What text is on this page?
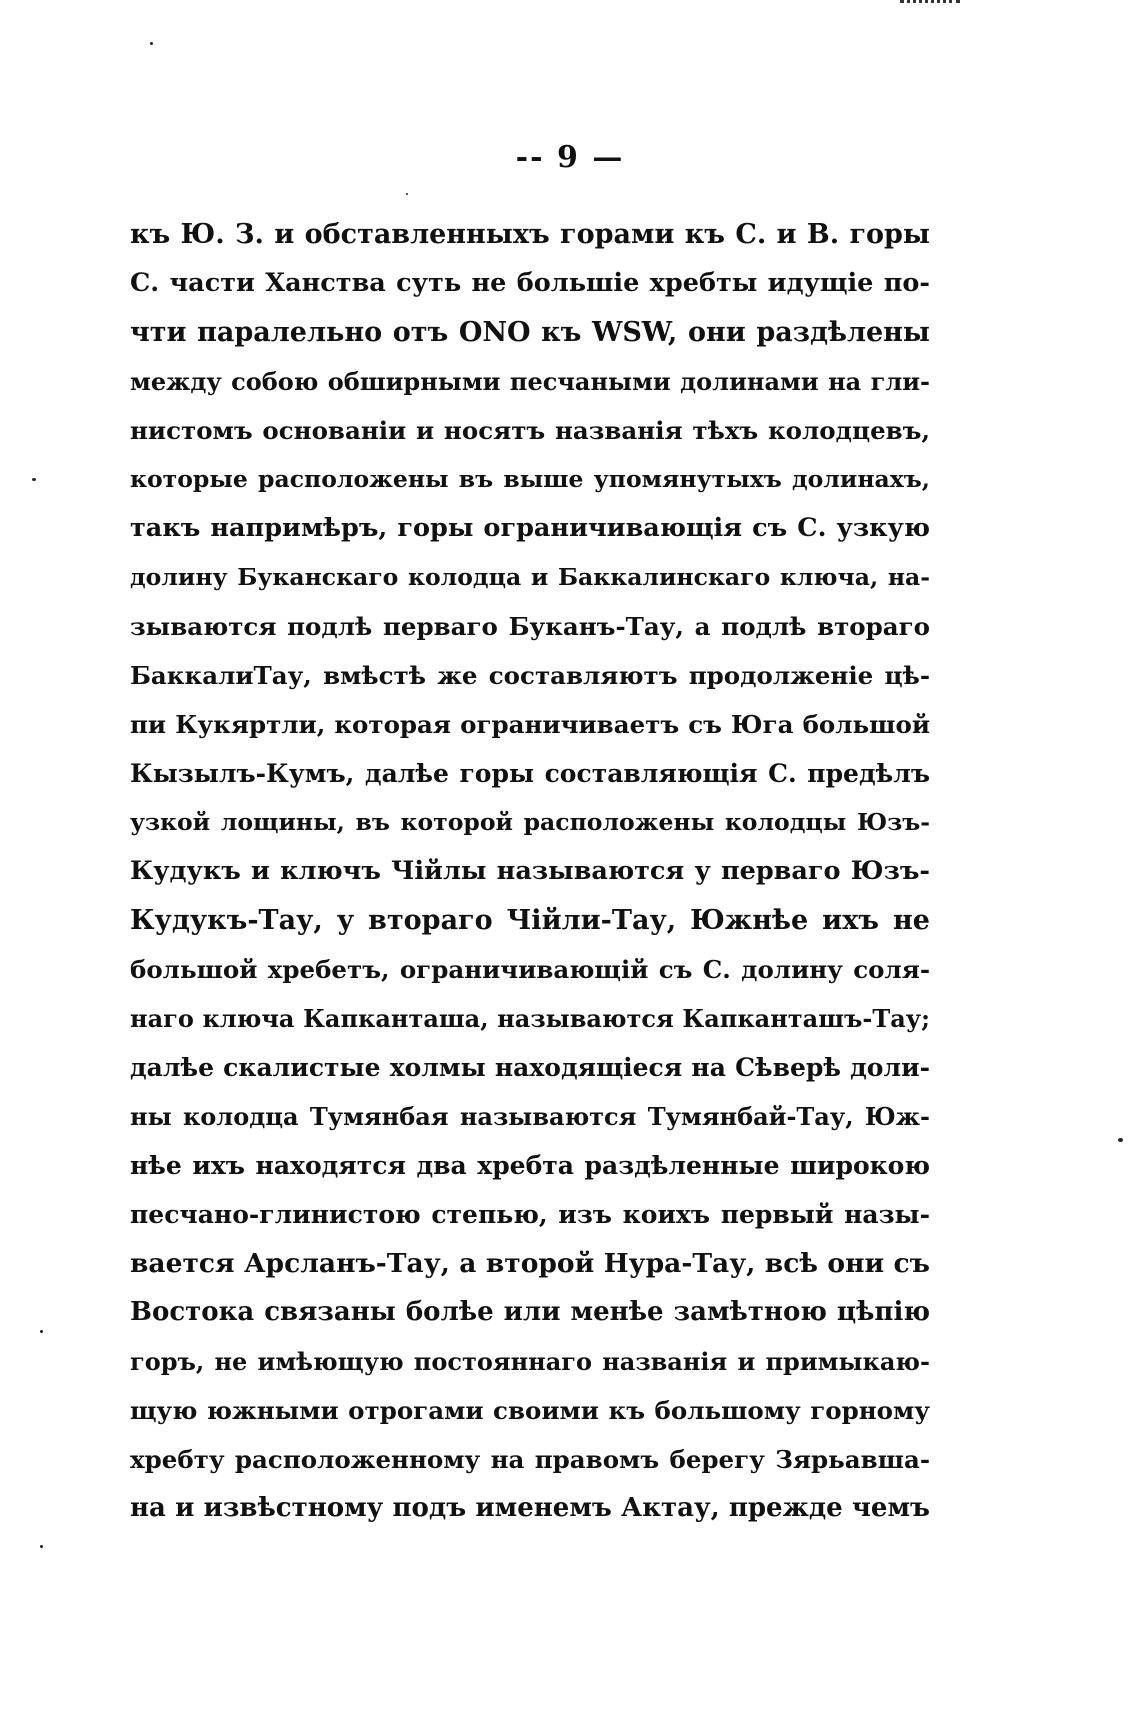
-- 9 —
къ Ю. З. и обставленныхъ горами къ С. и В. горы
С. части Ханства суть не большіе хребты идущіе по-
чти паралельно отъ ONO къ WSW, они раздѣлены
между собою обширными песчаными долинами на гли-
нистомъ основаніи и носятъ названія тѣхъ колодцевъ,
которые расположены въ выше упомянутыхъ долинахъ,
такъ напримѣръ, горы ограничивающія съ С. узкую
долину Буканскаго колодца и Баккалинскаго ключа, на-
зываются подлѣ перваго Буканъ-Тау, а подлѣ втораго
БаккалиТау, вмѣстѣ же составляютъ продолженіе цѣ-
пи Кукяртли, которая ограничиваетъ съ Юга большой
Кызылъ-Кумъ, далѣе горы составляющія С. предѣлъ
узкой лощины, въ которой расположены колодцы Юзъ-
Кудукъ и ключъ Чійлы называются у перваго Юзъ-
Кудукъ-Тау, у втораго Чійли-Тау, Южнѣе ихъ не
большой хребетъ, ограничивающій съ С. долину соля-
наго ключа Капканташа, называются Капканташъ-Тау;
далѣе скалистые холмы находящіеся на Сѣверѣ доли-
ны колодца Тумянбая называются Тумянбай-Тау, Юж-
нѣе ихъ находятся два хребта раздѣленные широкою
песчано-глинистою степью, изъ коихъ первый назы-
вается Арсланъ-Тау, а второй Нура-Тау, всѣ они съ
Востока связаны болѣе или менѣе замѣтною цѣпію
горъ, не имѣющую постояннаго названія и примыкаю-
щую южными отрогами своими къ большому горному
хребту расположенному на правомъ берегу Зярьавша-
на и извѣстному подъ именемъ Актау, прежде чемъ
